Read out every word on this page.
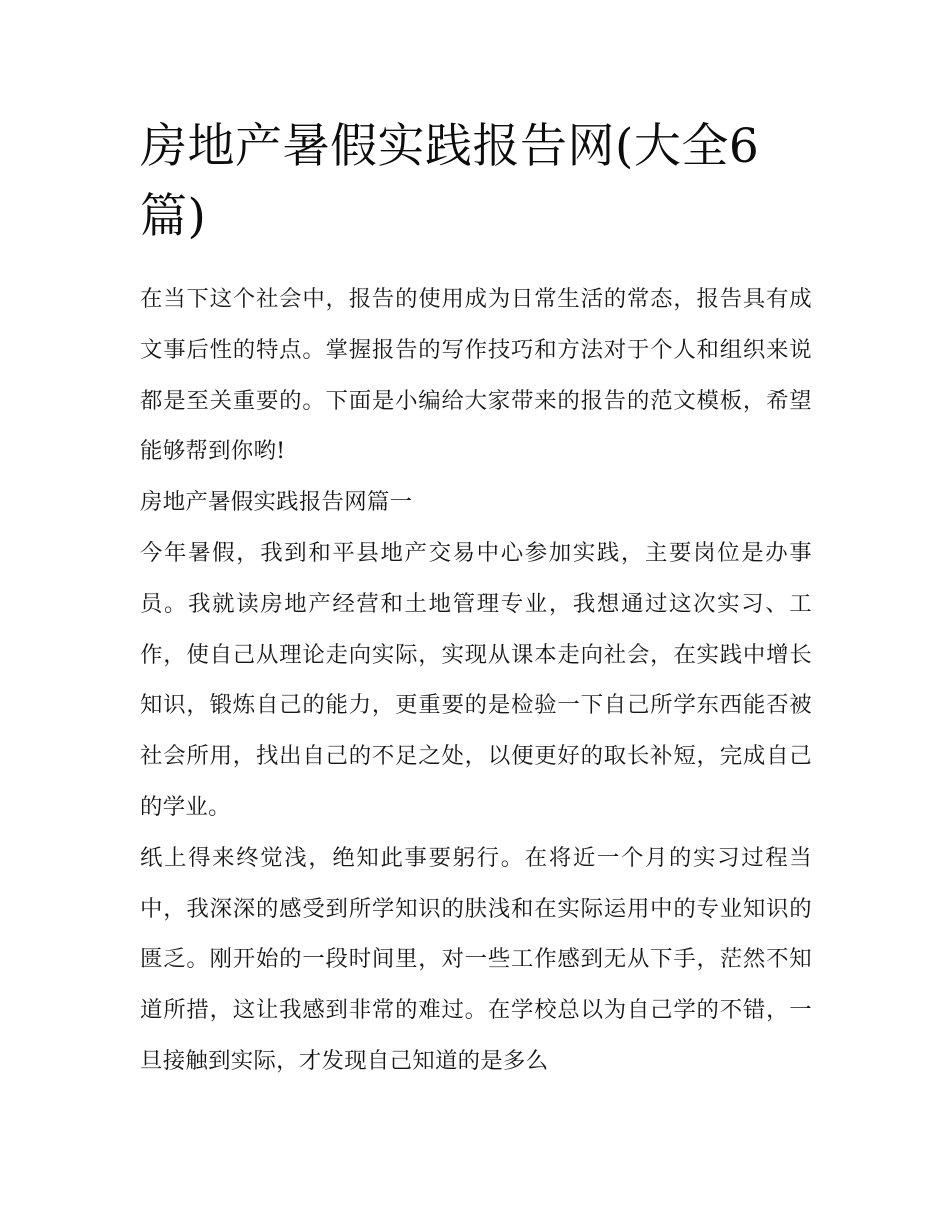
房地产暑假实践报告网(大全6篇)

在当下这个社会中，报告的使用成为日常生活的常态，报告具有成文事后性的特点。掌握报告的写作技巧和方法对于个人和组织来说都是至关重要的。下面是小编给大家带来的报告的范文模板，希望能够帮到你哟!

房地产暑假实践报告网篇一

今年暑假，我到和平县地产交易中心参加实践，主要岗位是办事员。我就读房地产经营和土地管理专业，我想通过这次实习、工作，使自己从理论走向实际，实现从课本走向社会，在实践中增长知识，锻炼自己的能力，更重要的是检验一下自己所学东西能否被社会所用，找出自己的不足之处，以便更好的取长补短，完成自己的学业。

纸上得来终觉浅，绝知此事要躬行。在将近一个月的实习过程当中，我深深的感受到所学知识的肤浅和在实际运用中的专业知识的匮乏。刚开始的一段时间里，对一些工作感到无从下手，茫然不知道所措，这让我感到非常的难过。在学校总以为自己学的不错，一旦接触到实际，才发现自己知道的是多么
